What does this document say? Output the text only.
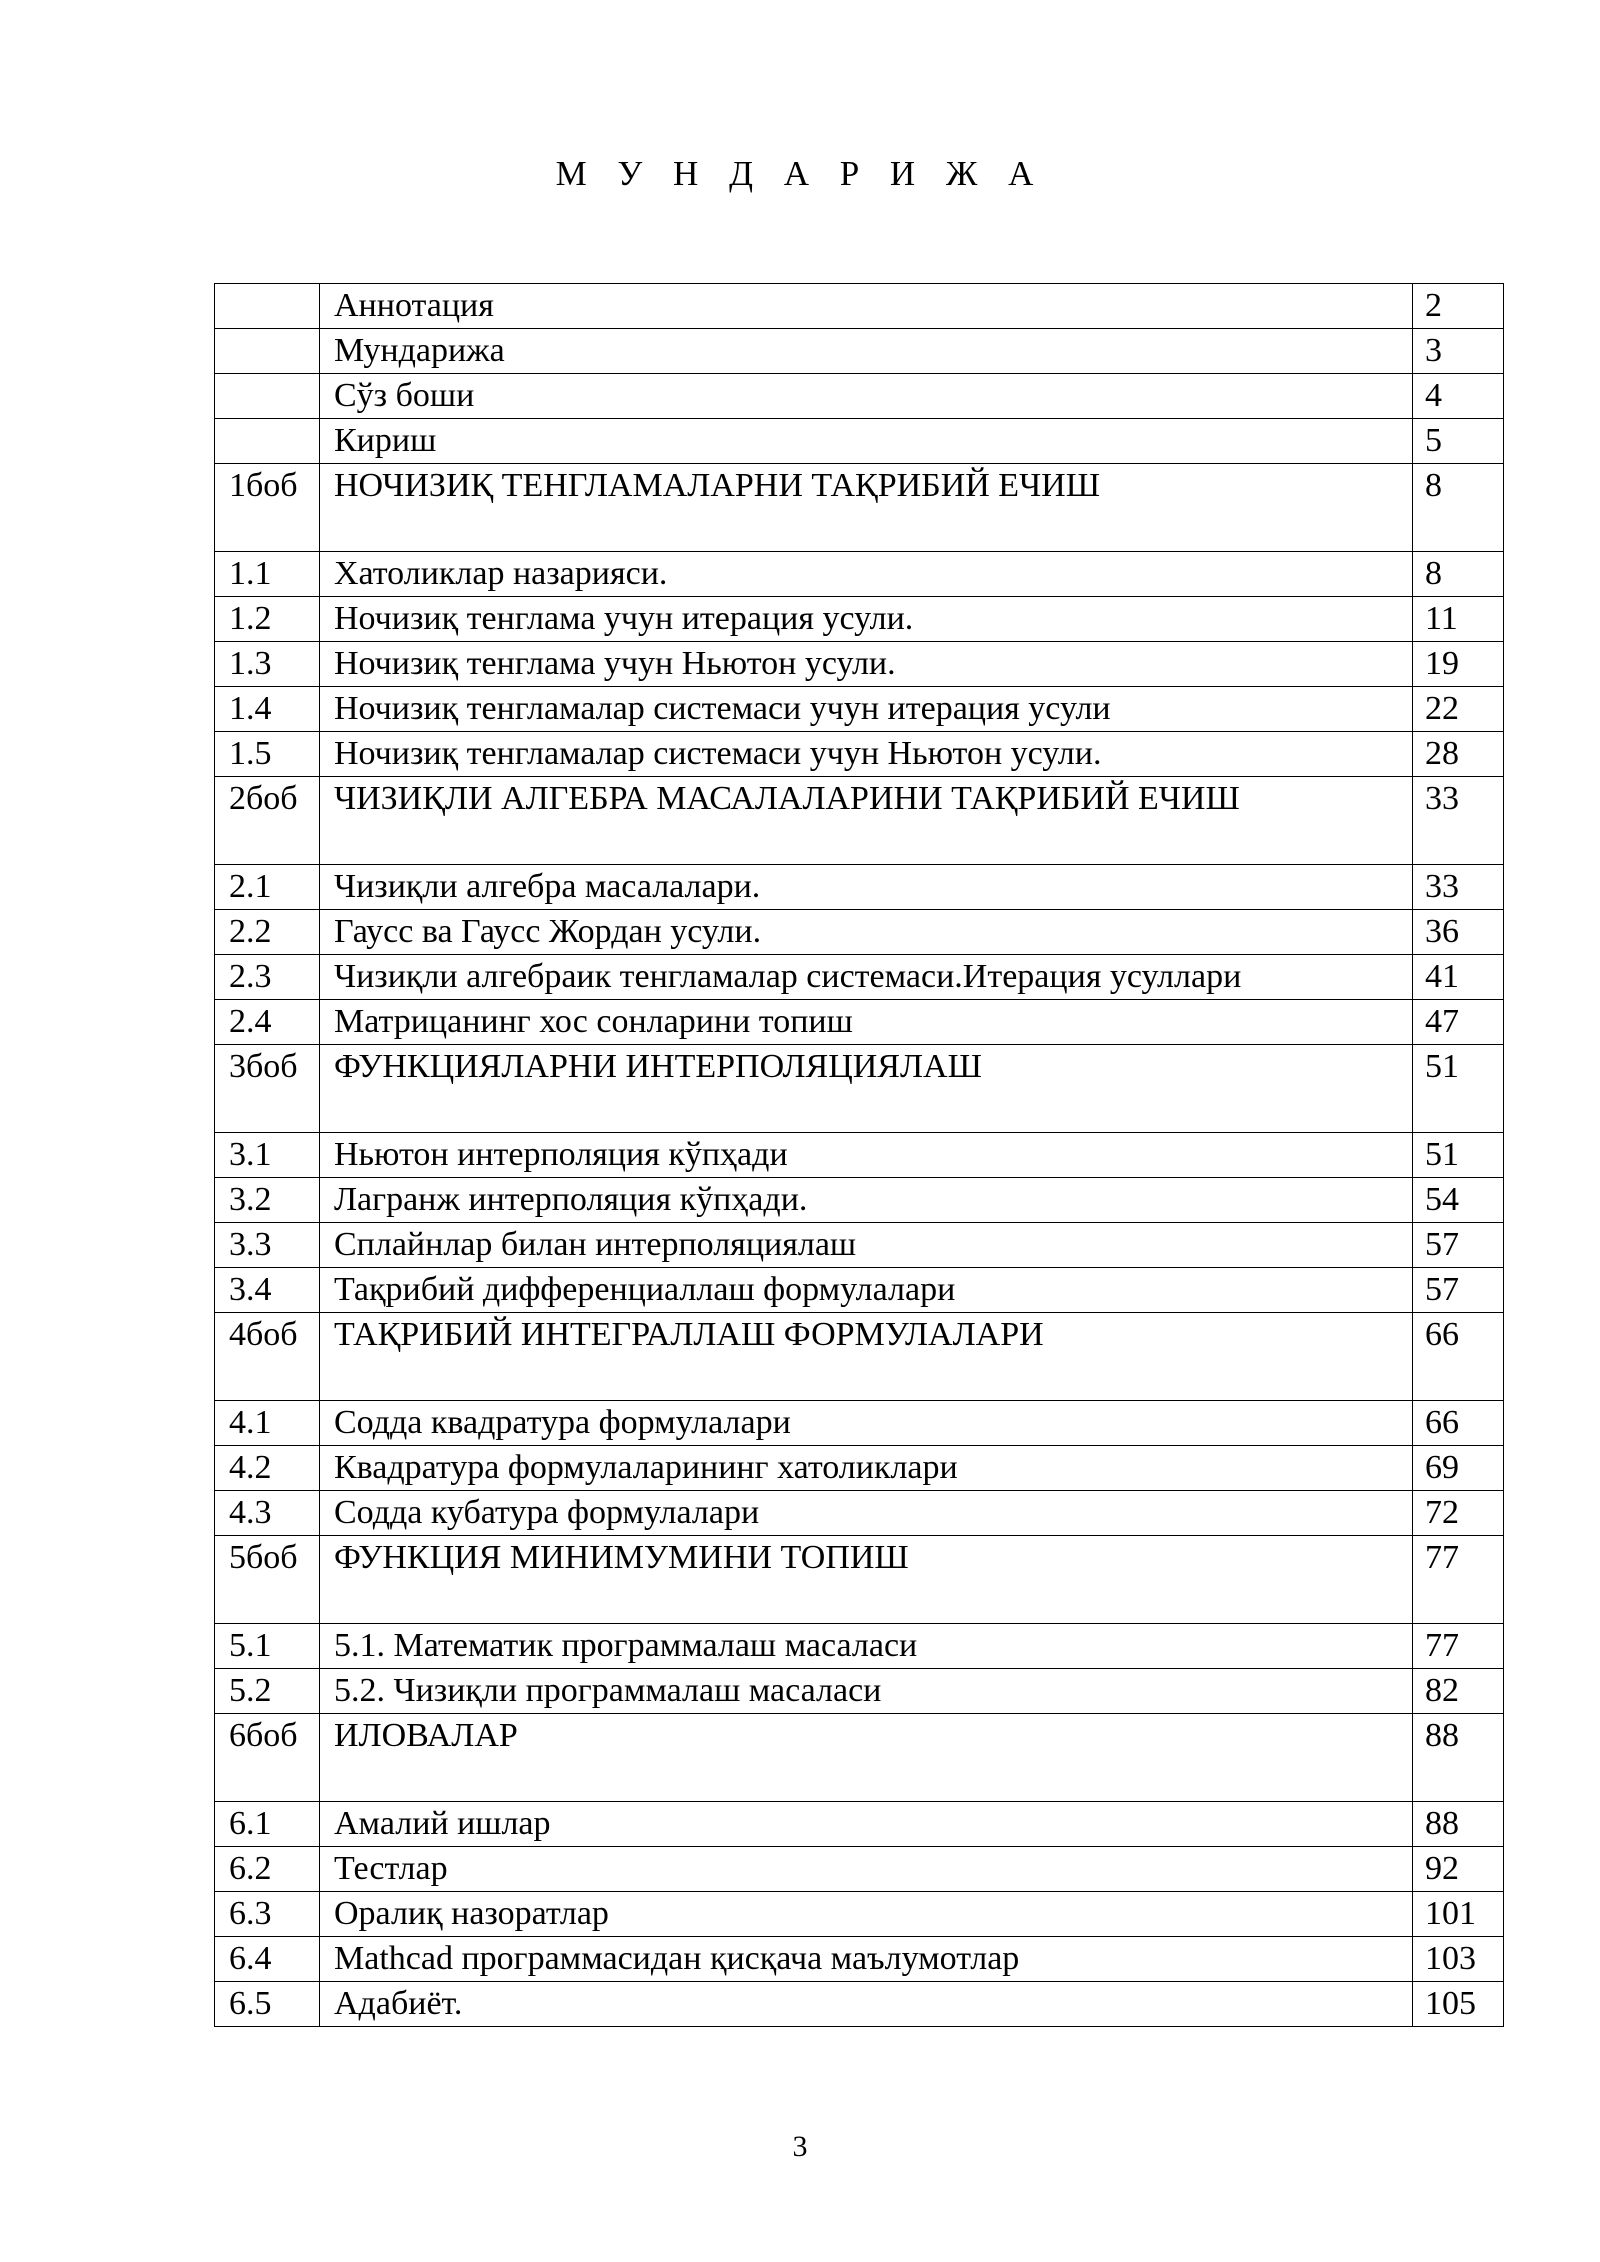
М У Н Д А Р И Ж А
	Аннотация	2
	Мундарижа	3
	Сўз боши	4
	Кириш	5
1боб	НОЧИЗИҚ ТЕНГЛАМАЛАРНИ ТАҚРИБИЙ ЕЧИШ	8
1.1	Хатоликлар назарияси.	8
1.2	Ночизиқ тенглама учун итерация усули.	11
1.3	Ночизиқ тенглама учун Ньютон усули.	19
1.4	Ночизиқ тенгламалар системаси учун итерация усули	22
1.5	Ночизиқ тенгламалар системаси учун Ньютон усули.	28
2боб	ЧИЗИҚЛИ АЛГЕБРА МАСАЛАЛАРИНИ ТАҚРИБИЙ ЕЧИШ	33
2.1	Чизиқли алгебра масалалари.	33
2.2	Гаусс ва Гаусс Жордан усули.	36
2.3	Чизиқли алгебраик тенгламалар системаси.Итерация усуллари	41
2.4	Матрицанинг хос сонларини топиш	47
3боб	ФУНКЦИЯЛАРНИ ИНТЕРПОЛЯЦИЯЛАШ	51
3.1	Ньютон интерполяция кўпҳади	51
3.2	Лагранж интерполяция кўпҳади.	54
3.3	Сплайнлар билан интерполяциялаш	57
3.4	Тақрибий дифференциаллаш формулалари	57
4боб	ТАҚРИБИЙ ИНТЕГРАЛЛАШ ФОРМУЛАЛАРИ	66
4.1	Содда квадратура формулалари	66
4.2	Квадратура формулаларининг хатоликлари	69
4.3	Содда кубатура формулалари	72
5боб	ФУНКЦИЯ МИНИМУМИНИ ТОПИШ	77
5.1	5.1. Математик программалаш масаласи	77
5.2	5.2. Чизиқли программалаш масаласи	82
6боб	ИЛОВАЛАР	88
6.1	Амалий ишлар	88
6.2	Тестлар	92
6.3	Оралиқ назоратлар	101
6.4	Mathcad программасидан қисқача маълумотлар	103
6.5	Адабиёт.	105
3
